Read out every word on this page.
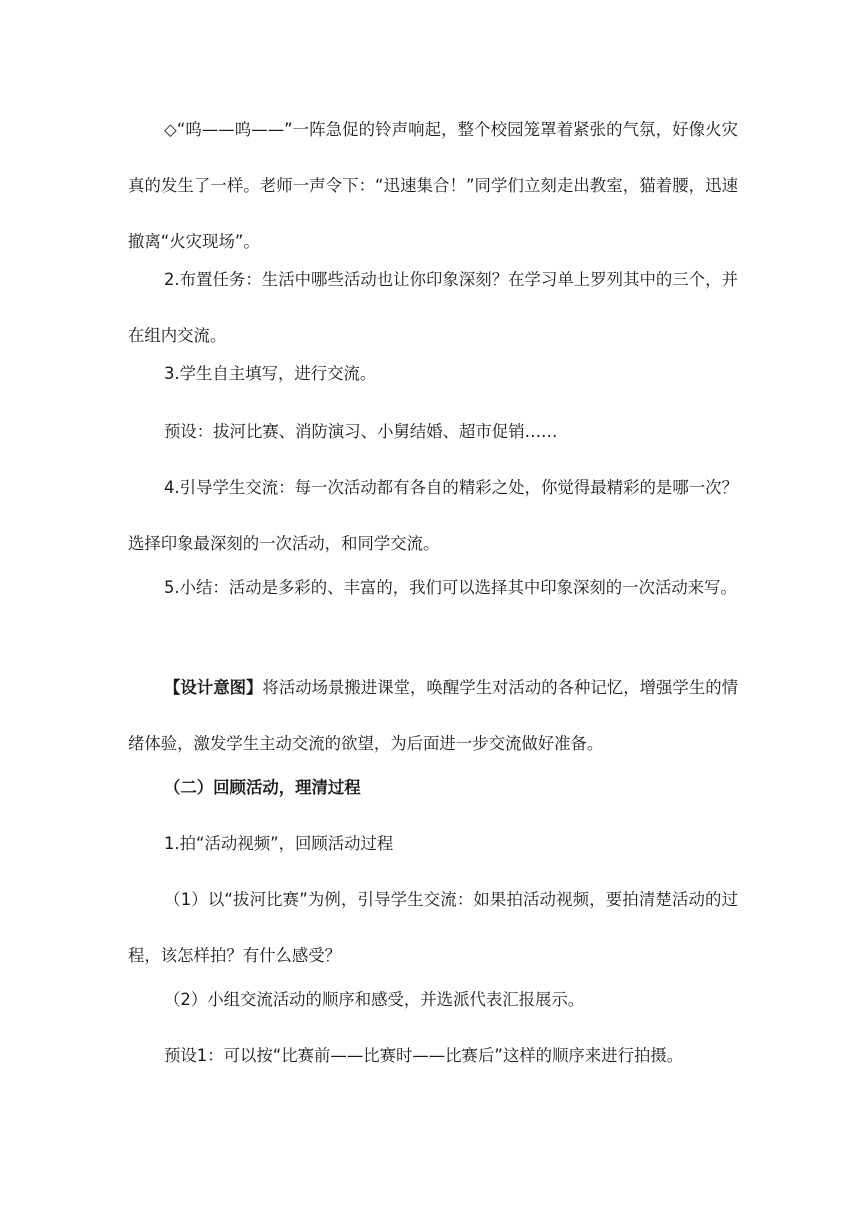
◇“呜——呜——”一阵急促的铃声响起，整个校园笼罩着紧张的气氛，好像火灾真的发生了一样。老师一声令下：“迅速集合！”同学们立刻走出教室，猫着腰，迅速撤离“火灾现场”。

2.布置任务：生活中哪些活动也让你印象深刻？在学习单上罗列其中的三个，并在组内交流。

3.学生自主填写，进行交流。

预设：拔河比赛、消防演习、小舅结婚、超市促销……

4.引导学生交流：每一次活动都有各自的精彩之处，你觉得最精彩的是哪一次？选择印象最深刻的一次活动，和同学交流。

5.小结：活动是多彩的、丰富的，我们可以选择其中印象深刻的一次活动来写。

【设计意图】将活动场景搬进课堂，唤醒学生对活动的各种记忆，增强学生的情绪体验，激发学生主动交流的欲望，为后面进一步交流做好准备。

（二）回顾活动，理清过程

1.拍“活动视频”，回顾活动过程

（1）以“拔河比赛”为例，引导学生交流：如果拍活动视频，要拍清楚活动的过程，该怎样拍？有什么感受？

（2）小组交流活动的顺序和感受，并选派代表汇报展示。

预设1：可以按“比赛前——比赛时——比赛后”这样的顺序来进行拍摄。
